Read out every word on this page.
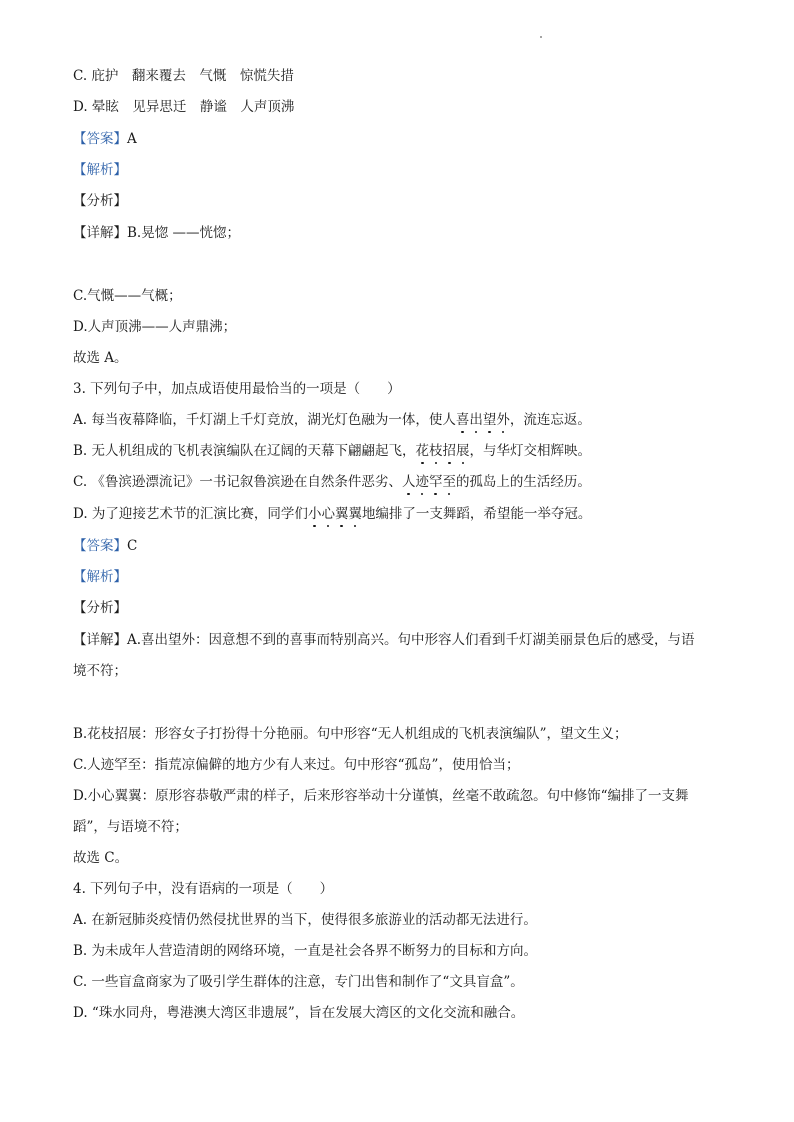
C. 庇护　翻来覆去　气慨　惊慌失措
D. 晕眩　见异思迁　静谧　人声顶沸
【答案】A
【解析】
【分析】
【详解】B.晃惚 ——恍惚；
C.气慨——气概；
D.人声顶沸——人声鼎沸；
故选 A。
3. 下列句子中，加点成语使用最恰当的一项是（　　）
A. 每当夜幕降临，千灯湖上千灯竞放，湖光灯色融为一体，使人喜出望外，流连忘返。
B. 无人机组成的飞机表演编队在辽阔的天幕下翩翩起飞，花枝招展，与华灯交相辉映。
C. 《鲁滨逊漂流记》一书记叙鲁滨逊在自然条件恶劣、人迹罕至的孤岛上的生活经历。
D. 为了迎接艺术节的汇演比赛，同学们小心翼翼地编排了一支舞蹈，希望能一举夺冠。
【答案】C
【解析】
【分析】
【详解】A.喜出望外：因意想不到的喜事而特别高兴。句中形容人们看到千灯湖美丽景色后的感受，与语
境不符；
B.花枝招展：形容女子打扮得十分艳丽。句中形容“无人机组成的飞机表演编队”，望文生义；
C.人迹罕至：指荒凉偏僻的地方少有人来过。句中形容“孤岛”，使用恰当；
D.小心翼翼：原形容恭敬严肃的样子，后来形容举动十分谨慎，丝毫不敢疏忽。句中修饰“编排了一支舞
蹈”，与语境不符；
故选 C。
4. 下列句子中，没有语病的一项是（　　）
A. 在新冠肺炎疫情仍然侵扰世界的当下，使得很多旅游业的活动都无法进行。
B. 为未成年人营造清朗的网络环境，一直是社会各界不断努力的目标和方向。
C. 一些盲盒商家为了吸引学生群体的注意，专门出售和制作了“文具盲盒”。
D. “珠水同舟，粤港澳大湾区非遗展”，旨在发展大湾区的文化交流和融合。
